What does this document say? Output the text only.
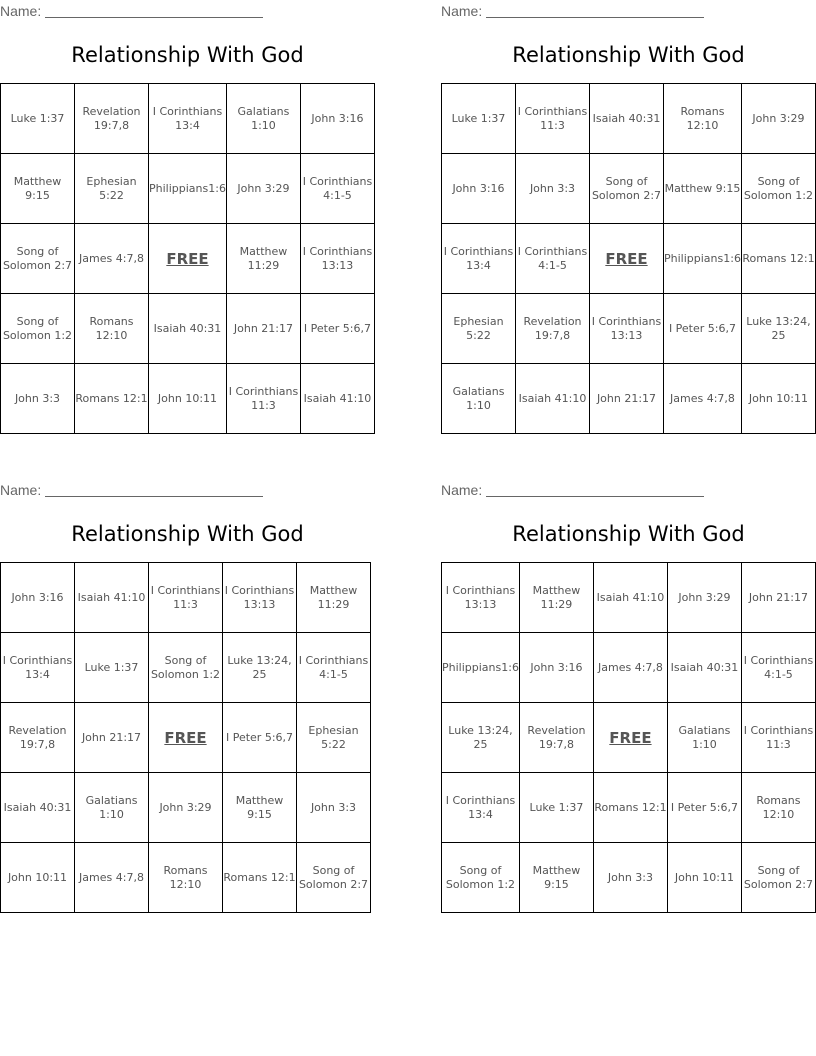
Name:
Relationship With God
Luke 1:37	Revelation 19:7,8	I Corinthians 13:4	Galatians 1:10	John 3:16
Matthew 9:15	Ephesian 5:22	Philippians1:6	John 3:29	I Corinthians 4:1-5
Song of Solomon 2:7	James 4:7,8	FREE	Matthew 11:29	I Corinthians 13:13
Song of Solomon 1:2	Romans 12:10	Isaiah 40:31	John 21:17	I Peter 5:6,7
John 3:3	Romans 12:1	John 10:11	I Corinthians 11:3	Isaiah 41:10
Name:
Relationship With God
Luke 1:37	I Corinthians 11:3	Isaiah 40:31	Romans 12:10	John 3:29
John 3:16	John 3:3	Song of Solomon 2:7	Matthew 9:15	Song of Solomon 1:2
I Corinthians 13:4	I Corinthians 4:1-5	FREE	Philippians1:6	Romans 12:1
Ephesian 5:22	Revelation 19:7,8	I Corinthians 13:13	I Peter 5:6,7	Luke 13:24, 25
Galatians 1:10	Isaiah 41:10	John 21:17	James 4:7,8	John 10:11
Name:
Relationship With God
John 3:16	Isaiah 41:10	I Corinthians 11:3	I Corinthians 13:13	Matthew 11:29
I Corinthians 13:4	Luke 1:37	Song of Solomon 1:2	Luke 13:24, 25	I Corinthians 4:1-5
Revelation 19:7,8	John 21:17	FREE	I Peter 5:6,7	Ephesian 5:22
Isaiah 40:31	Galatians 1:10	John 3:29	Matthew 9:15	John 3:3
John 10:11	James 4:7,8	Romans 12:10	Romans 12:1	Song of Solomon 2:7
Name:
Relationship With God
I Corinthians 13:13	Matthew 11:29	Isaiah 41:10	John 3:29	John 21:17
Philippians1:6	John 3:16	James 4:7,8	Isaiah 40:31	I Corinthians 4:1-5
Luke 13:24, 25	Revelation 19:7,8	FREE	Galatians 1:10	I Corinthians 11:3
I Corinthians 13:4	Luke 1:37	Romans 12:1	I Peter 5:6,7	Romans 12:10
Song of Solomon 1:2	Matthew 9:15	John 3:3	John 10:11	Song of Solomon 2:7
